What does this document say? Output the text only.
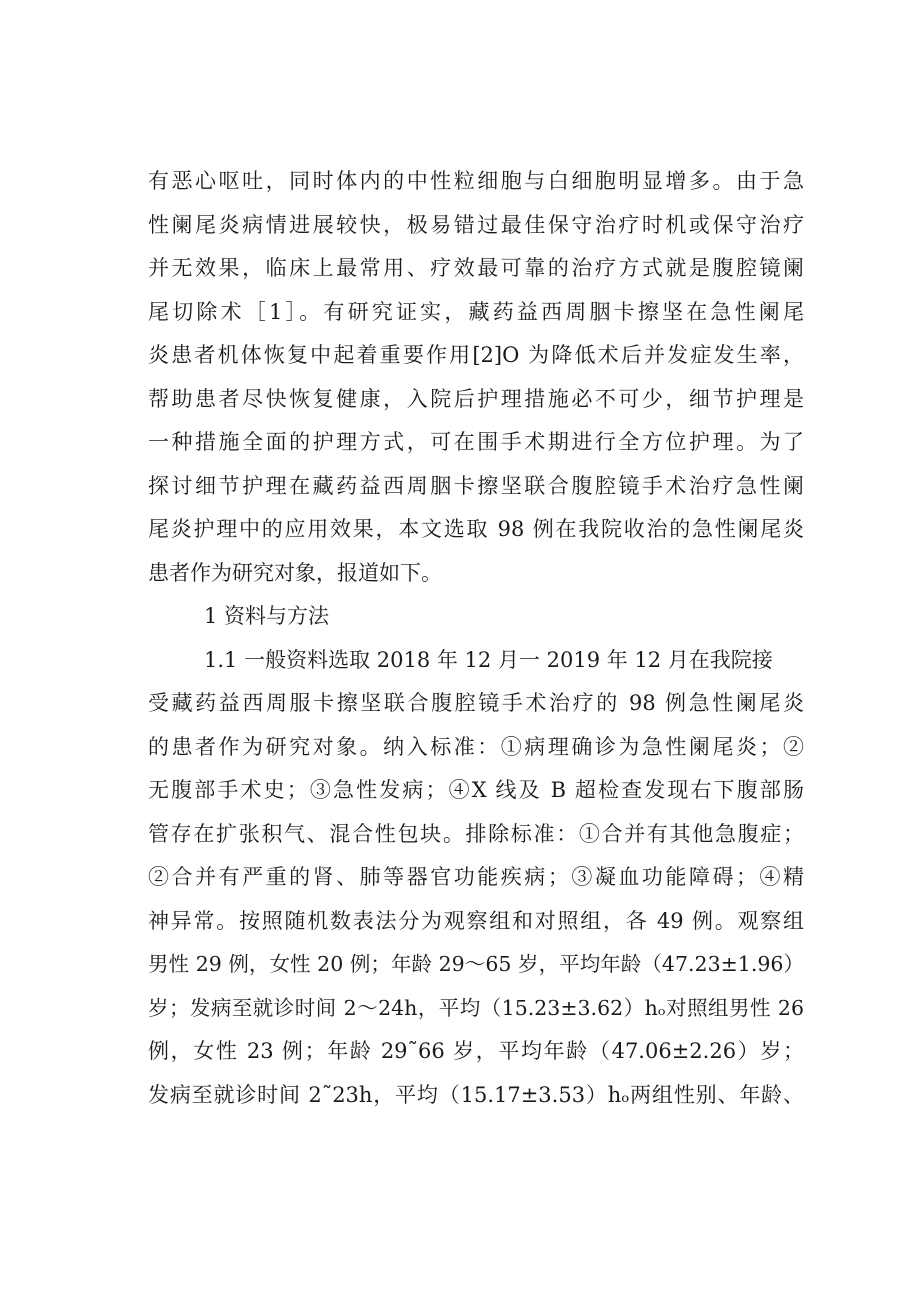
有恶心呕吐，同时体内的中性粒细胞与白细胞明显增多。由于急
性阑尾炎病情进展较快，极易错过最佳保守治疗时机或保守治疗
并无效果，临床上最常用、疗效最可靠的治疗方式就是腹腔镜阑
尾切除术［1］。有研究证实，藏药益西周胭卡擦坚在急性阑尾
炎患者机体恢复中起着重要作用[2]O 为降低术后并发症发生率，
帮助患者尽快恢复健康，入院后护理措施必不可少，细节护理是
一种措施全面的护理方式，可在围手术期进行全方位护理。为了
探讨细节护理在藏药益西周胭卡擦坚联合腹腔镜手术治疗急性阑
尾炎护理中的应用效果，本文选取 98 例在我院收治的急性阑尾炎
患者作为研究对象，报道如下。
1 资料与方法
1.1 一般资料选取 2018 年 12 月一 2019 年 12 月在我院接
受藏药益西周服卡擦坚联合腹腔镜手术治疗的 98 例急性阑尾炎
的患者作为研究对象。纳入标准：①病理确诊为急性阑尾炎；②
无腹部手术史；③急性发病；④X 线及 B 超检查发现右下腹部肠
管存在扩张积气、混合性包块。排除标准：①合并有其他急腹症；
②合并有严重的肾、肺等器官功能疾病；③凝血功能障碍；④精
神异常。按照随机数表法分为观察组和对照组，各 49 例。观察组
男性 29 例，女性 20 例；年龄 29～65 岁，平均年龄（47.23±1.96）
岁；发病至就诊时间 2～24h，平均（15.23±3.62）hₒ对照组男性 26
例，女性 23 例；年龄 29˜66 岁，平均年龄（47.06±2.26）岁；
发病至就诊时间 2˜23h，平均（15.17±3.53）hₒ两组性别、年龄、
